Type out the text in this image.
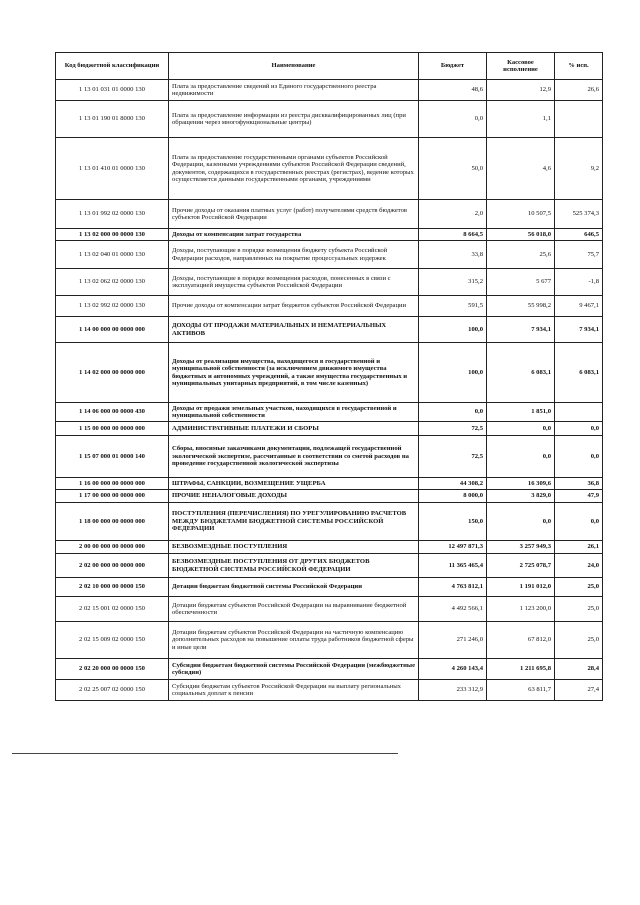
Код бюджетной классификации	Наименование	Бюджет	Кассовое исполнение	% исп.
1 13 01 031 01 0000 130	Плата за предоставление сведений из Единого государственного реестра недвижимости	48,6	12,9	26,6
1 13 01 190 01 8000 130	Плата за предоставление информации из реестра дисквалифицированных лиц (при обращении через многофункциональные центры)	0,0	1,1	
1 13 01 410 01 0000 130	Плата за предоставление государственными органами субъектов Российской Федерации, казенными учреждениями субъектов Российской Федерации сведений, документов, содержащихся в государственных реестрах (регистрах), ведение которых осуществляется данными государственными органами, учреждениями	50,0	4,6	9,2
1 13 01 992 02 0000 130	Прочие доходы от оказания платных услуг (работ) получателями средств бюджетов субъектов Российской Федерации	2,0	10 507,5	525 374,3
1 13 02 000 00 0000 130	Доходы от компенсации затрат государства	8 664,5	56 018,0	646,5
1 13 02 040 01 0000 130	Доходы, поступающие в порядке возмещения бюджету субъекта Российской Федерации расходов, направленных на покрытие процессуальных издержек	33,8	25,6	75,7
1 13 02 062 02 0000 130	Доходы, поступающие в порядке возмещения расходов, понесенных в связи с эксплуатацией имущества субъектов Российской Федерации	315,2	5 677	-1,8
1 13 02 992 02 0000 130	Прочие доходы от компенсации затрат бюджетов субъектов Российской Федерации	591,5	55 998,2	9 467,1
1 14 00 000 00 0000 000	ДОХОДЫ ОТ ПРОДАЖИ МАТЕРИАЛЬНЫХ И НЕМАТЕРИАЛЬНЫХ АКТИВОВ	100,0	7 934,1	7 934,1
1 14 02 000 00 0000 000	Доходы от реализации имущества, находящегося в государственной и муниципальной собственности (за исключением движимого имущества бюджетных и автономных учреждений, а также имущества государственных и муниципальных унитарных предприятий, в том числе казенных)	100,0	6 083,1	6 083,1
1 14 06 000 00 0000 430	Доходы от продажи земельных участков, находящихся в государственной и муниципальной собственности	0,0	1 851,0	
1 15 00 000 00 0000 000	АДМИНИСТРАТИВНЫЕ ПЛАТЕЖИ И СБОРЫ	72,5	0,0	0,0
1 15 07 000 01 0000 140	Сборы, вносимые заказчиками документации, подлежащей государственной экологической экспертизе, рассчитанные в соответствии со сметой расходов на проведение государственной экологической экспертизы	72,5	0,0	0,0
1 16 00 000 00 0000 000	ШТРАФЫ, САНКЦИИ, ВОЗМЕЩЕНИЕ УЩЕРБА	44 308,2	16 309,6	36,8
1 17 00 000 00 0000 000	ПРОЧИЕ НЕНАЛОГОВЫЕ ДОХОДЫ	8 000,0	3 829,0	47,9
1 18 00 000 00 0000 000	ПОСТУПЛЕНИЯ (ПЕРЕЧИСЛЕНИЯ) ПО УРЕГУЛИРОВАНИЮ РАСЧЕТОВ МЕЖДУ БЮДЖЕТАМИ БЮДЖЕТНОЙ СИСТЕМЫ РОССИЙСКОЙ ФЕДЕРАЦИИ	150,0	0,0	0,0
2 00 00 000 00 0000 000	БЕЗВОЗМЕЗДНЫЕ ПОСТУПЛЕНИЯ	12 497 871,3	3 257 949,3	26,1
2 02 00 000 00 0000 000	БЕЗВОЗМЕЗДНЫЕ ПОСТУПЛЕНИЯ ОТ ДРУГИХ БЮДЖЕТОВ БЮДЖЕТНОЙ СИСТЕМЫ РОССИЙСКОЙ ФЕДЕРАЦИИ	11 365 465,4	2 725 078,7	24,0
2 02 10 000 00 0000 150	Дотации бюджетам бюджетной системы Российской Федерации	4 763 812,1	1 191 012,0	25,0
2 02 15 001 02 0000 150	Дотации бюджетам субъектов Российской Федерации на выравнивание бюджетной обеспеченности	4 492 566,1	1 123 200,0	25,0
2 02 15 009 02 0000 150	Дотации бюджетам субъектов Российской Федерации на частичную компенсацию дополнительных расходов на повышение оплаты труда работников бюджетной сферы и иные цели	271 246,0	67 812,0	25,0
2 02 20 000 00 0000 150	Субсидии бюджетам бюджетной системы Российской Федерации (межбюджетные субсидии)	4 260 143,4	1 211 695,8	28,4
2 02 25 007 02 0000 150	Субсидии бюджетам субъектов Российской Федерации на выплату региональных социальных доплат к пенсии	233 312,9	63 811,7	27,4
